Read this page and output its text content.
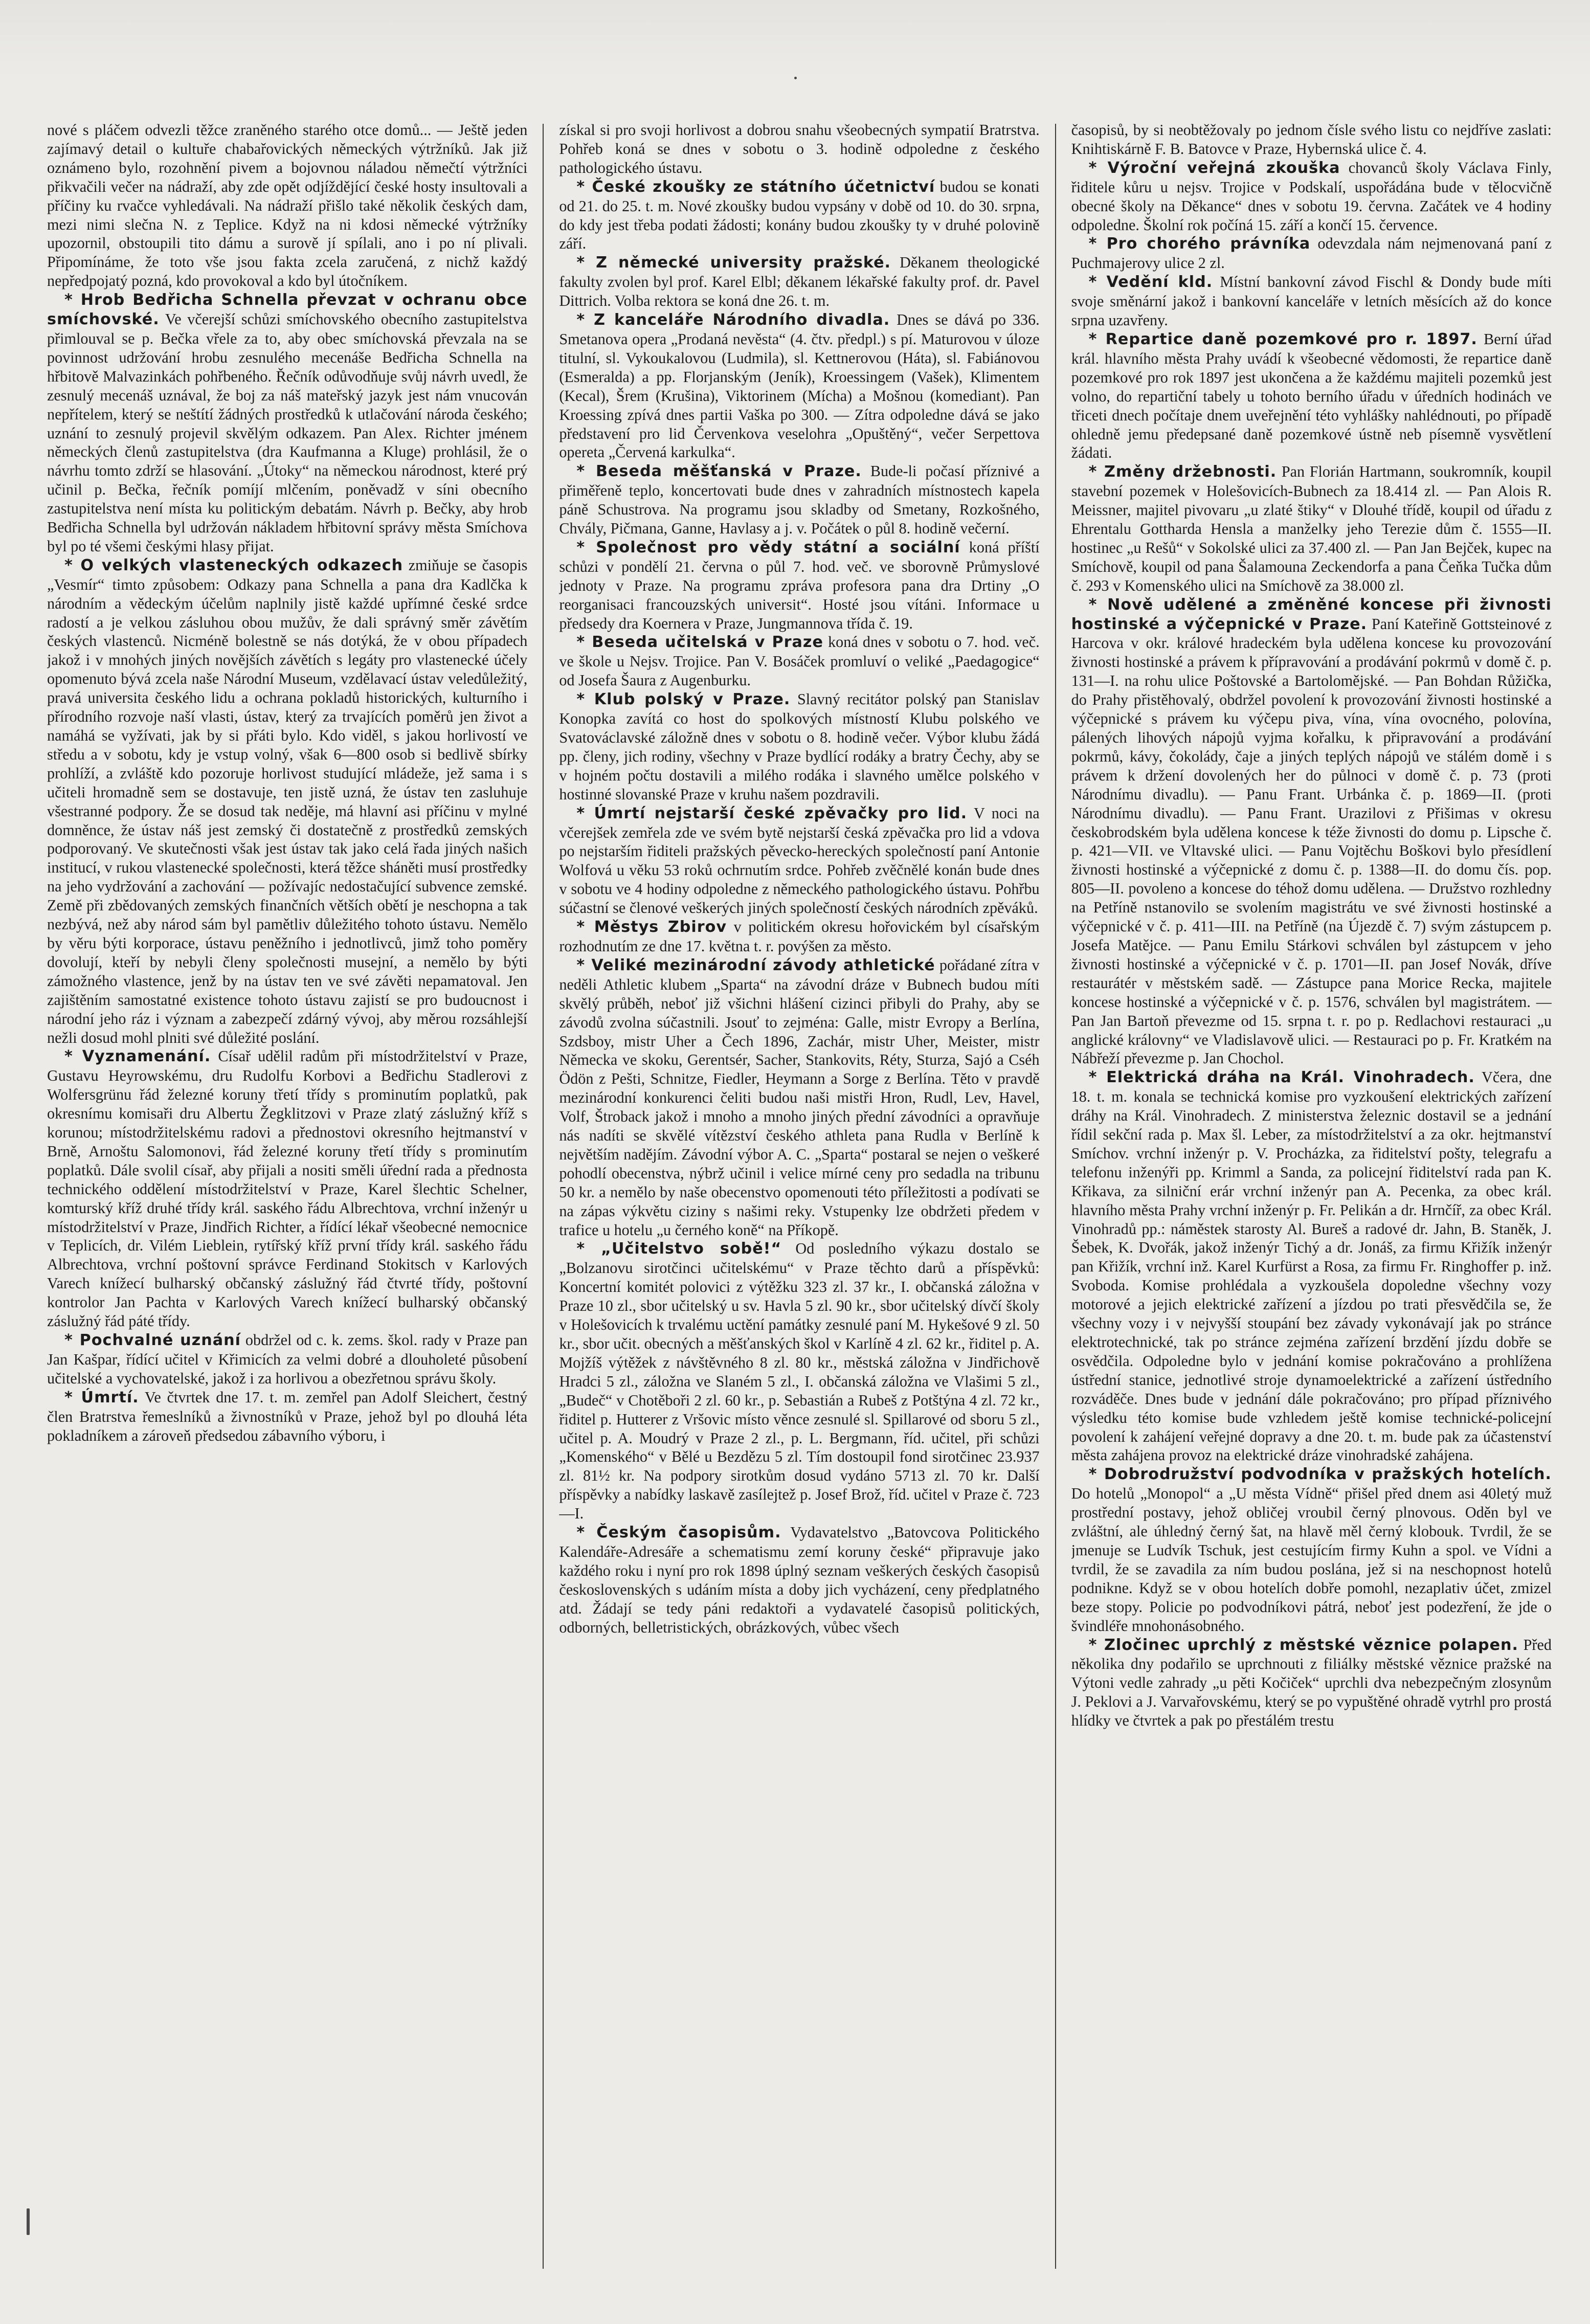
nové s pláčem odvezli těžce zraněného starého otce domů... — Ještě jeden zajímavý detail o kultuře chabařovických německých výtržníků. Jak již oznámeno bylo, rozohnění pivem a bojovnou náladou němečtí výtržníci přikvačili večer na nádraží, aby zde opět odjíždějící české hosty insultovali a příčiny ku rvačce vyhledávali. Na nádraží přišlo také několik českých dam, mezi nimi slečna N. z Teplice. Když na ni kdosi německé výtržníky upozornil, obstoupili tito dámu a surově jí spílali, ano i po ní plivali. Připomínáme, že toto vše jsou fakta zcela zaručená, z nichž každý nepředpojatý pozná, kdo provokoval a kdo byl útočníkem.

* Hrob Bedřicha Schnella převzat v ochranu obce smíchovské. Ve včerejší schůzi smíchovského obecního zastupitelstva přimlouval se p. Bečka vřele za to, aby obec smíchovská převzala na se povinnost udržování hrobu zesnulého mecenáše Bedřicha Schnella na hřbitově Malvazinkách pohřbeného. Řečník odůvodňuje svůj návrh uvedl, že zesnulý mecenáš uznával, že boj za náš mateřský jazyk jest nám vnucován nepřítelem, který se neštítí žádných prostředků k utlačování národa českého; uznání to zesnulý projevil skvělým odkazem. Pan Alex. Richter jménem německých členů zastupitelstva (dra Kaufmanna a Kluge) prohlásil, že o návrhu tomto zdrží se hlasování. „Útoky“ na německou národnost, které prý učinil p. Bečka, řečník pomíjí mlčením, poněvadž v síni obecního zastupitelstva není místa ku politickým debatám. Návrh p. Bečky, aby hrob Bedřicha Schnella byl udržován nákladem hřbitovní správy města Smíchova byl po té všemi českými hlasy přijat.

* O velkých vlasteneckých odkazech zmiňuje se časopis „Vesmír“ timto způsobem: Odkazy pana Schnella a pana dra Kadlčka k národním a vědeckým účelům naplnily jistě každé upřímné české srdce radostí a je velkou zásluhou obou mužův, že dali správný směr závětím českých vlastenců. Nicméně bolestně se nás dotýká, že v obou případech jakož i v mnohých jiných novějších závětích s legáty pro vlastenecké účely opomenuto bývá zcela naše Národní Museum, vzdělavací ústav veledůležitý, pravá universita českého lidu a ochrana pokladů historických, kulturního i přírodního rozvoje naší vlasti, ústav, který za trvajících poměrů jen život a namáhá se vyžívati, jak by si přáti bylo. Kdo viděl, s jakou horlivostí ve středu a v sobotu, kdy je vstup volný, však 6—800 osob si bedlivě sbírky prohlíží, a zvláště kdo pozoruje horlivost studující mládeže, jež sama i s učiteli hromadně sem se dostavuje, ten jistě uzná, že ústav ten zasluhuje všestranné podpory. Že se dosud tak neděje, má hlavní asi příčinu v mylné domněnce, že ústav náš jest zemský či dostatečně z prostředků zemských podporovaný. Ve skutečnosti však jest ústav tak jako celá řada jiných našich institucí, v rukou vlastenecké společnosti, která těžce sháněti musí prostředky na jeho vydržování a zachování — požívajíc nedostačující subvence zemské. Země při zbědovaných zemských finančních větších obětí je neschopna a tak nezbývá, než aby národ sám byl pamětliv důležitého tohoto ústavu. Nemělo by věru býti korporace, ústavu peněžního i jednotlivců, jimž toho poměry dovolují, kteří by nebyli členy společnosti musejní, a nemělo by býti zámožného vlastence, jenž by na ústav ten ve své závěti nepamatoval. Jen zajištěním samostatné existence tohoto ústavu zajistí se pro budoucnost i národní jeho ráz i význam a zabezpečí zdárný vývoj, aby měrou rozsáhlejší nežli dosud mohl plniti své důležité poslání.

* Vyznamenání. Císař udělil radům při místodržitelství v Praze, Gustavu Heyrowskému, dru Rudolfu Korbovi a Bedřichu Stadlerovi z Wolfersgrünu řád železné koruny třetí třídy s prominutím poplatků, pak okresnímu komisaři dru Albertu Žegklitzovi v Praze zlatý záslužný kříž s korunou; místodržitelskému radovi a přednostovi okresního hejtmanství v Brně, Arnoštu Salomonovi, řád železné koruny třetí třídy s prominutím poplatků. Dále svolil císař, aby přijali a nositi směli úřední rada a přednosta technického oddělení místodržitelství v Praze, Karel šlechtic Schelner, komturský kříž druhé třídy král. saského řádu Albrechtova, vrchní inženýr u místodržitelství v Praze, Jindřich Richter, a řídící lékař všeobecné nemocnice v Teplicích, dr. Vilém Lieblein, rytířský kříž první třídy král. saského řádu Albrechtova, vrchní poštovní správce Ferdinand Stokitsch v Karlových Varech knížecí bulharský občanský záslužný řád čtvrté třídy, poštovní kontrolor Jan Pachta v Karlových Varech knížecí bulharský občanský záslužný řád páté třídy.

* Pochvalné uznání obdržel od c. k. zems. škol. rady v Praze pan Jan Kašpar, řídící učitel v Křimicích za velmi dobré a dlouholeté působení učitelské a vychovatelské, jakož i za horlivou a obezřetnou správu školy.

* Úmrtí. Ve čtvrtek dne 17. t. m. zemřel pan Adolf Sleichert, čestný člen Bratrstva řemeslníků a živnostníků v Praze, jehož byl po dlouhá léta pokladníkem a zároveň předsedou zábavního výboru, i

získal si pro svoji horlivost a dobrou snahu všeobecných sympatií Bratrstva. Pohřeb koná se dnes v sobotu o 3. hodině odpoledne z českého pathologického ústavu.

* České zkoušky ze státního účetnictví budou se konati od 21. do 25. t. m. Nové zkoušky budou vypsány v době od 10. do 30. srpna, do kdy jest třeba podati žádosti; konány budou zkoušky ty v druhé polovině září.

* Z německé university pražské. Děkanem theologické fakulty zvolen byl prof. Karel Elbl; děkanem lékařské fakulty prof. dr. Pavel Dittrich. Volba rektora se koná dne 26. t. m.

* Z kanceláře Národního divadla. Dnes se dává po 336. Smetanova opera „Prodaná nevěsta“ (4. čtv. předpl.) s pí. Maturovou v úloze titulní, sl. Vykoukalovou (Ludmila), sl. Kettnerovou (Háta), sl. Fabiánovou (Esmeralda) a pp. Florjanským (Jeník), Kroessingem (Vašek), Klimentem (Kecal), Šrem (Krušina), Viktorinem (Mícha) a Mošnou (komediant). Pan Kroessing zpívá dnes partii Vaška po 300. — Zítra odpoledne dává se jako představení pro lid Červenkova veselohra „Opuštěný“, večer Serpettova opereta „Červená karkulka“.

* Beseda měšťanská v Praze. Bude-li počasí příznivé a přiměřeně teplo, koncertovati bude dnes v zahradních místnostech kapela páně Schustrova. Na programu jsou skladby od Smetany, Rozkošného, Chvály, Pičmana, Ganne, Havlasy a j. v. Počátek o půl 8. hodině večerní.

* Společnost pro vědy státní a sociální koná příští schůzi v pondělí 21. června o půl 7. hod. več. ve sborovně Průmyslové jednoty v Praze. Na programu zpráva profesora pana dra Drtiny „O reorganisaci francouzských universit“. Hosté jsou vítáni. Informace u předsedy dra Koernera v Praze, Jungmannova třída č. 19.

* Beseda učitelská v Praze koná dnes v sobotu o 7. hod. več. ve škole u Nejsv. Trojice. Pan V. Bosáček promluví o veliké „Paedagogice“ od Josefa Šaura z Augenburku.

* Klub polský v Praze. Slavný recitátor polský pan Stanislav Konopka zavítá co host do spolkových místností Klubu polského ve Svatováclavské záložně dnes v sobotu o 8. hodině večer. Výbor klubu žádá pp. členy, jich rodiny, všechny v Praze bydlící rodáky a bratry Čechy, aby se v hojném počtu dostavili a milého rodáka i slavného umělce polského v hostinné slovanské Praze v kruhu našem pozdravili.

* Úmrtí nejstarší české zpěvačky pro lid. V noci na včerejšek zemřela zde ve svém bytě nejstarší česká zpěvačka pro lid a vdova po nejstarším řiditeli pražských pěvecko-hereckých společností paní Antonie Wolfová u věku 53 roků ochrnutím srdce. Pohřeb zvěčnělé konán bude dnes v sobotu ve 4 hodiny odpoledne z německého pathologického ústavu. Pohřbu súčastní se členové veškerých jiných společností českých národních zpěváků.

* Městys Zbirov v politickém okresu hořovickém byl císařským rozhodnutím ze dne 17. května t. r. povýšen za město.

* Veliké mezinárodní závody athletické pořádané zítra v neděli Athletic klubem „Sparta“ na závodní dráze v Bubnech budou míti skvělý průběh, neboť již všichni hlášení cizinci přibyli do Prahy, aby se závodů zvolna súčastnili. Jsouť to zejména: Galle, mistr Evropy a Berlína, Szdsboy, mistr Uher a Čech 1896, Zachár, mistr Uher, Meister, mistr Německa ve skoku, Gerentsér, Sacher, Stankovits, Réty, Sturza, Sajó a Cséh Ödön z Pešti, Schnitze, Fiedler, Heymann a Sorge z Berlína. Těto v pravdě mezinárodní konkurenci čeliti budou naši mistři Hron, Rudl, Lev, Havel, Volf, Štroback jakož i mnoho a mnoho jiných přední závodníci a opravňuje nás nadíti se skvělé vítězství českého athleta pana Rudla v Berlíně k největším nadějím. Závodní výbor A. C. „Sparta“ postaral se nejen o veškeré pohodlí obecenstva, nýbrž učinil i velice mírné ceny pro sedadla na tribunu 50 kr. a nemělo by naše obecenstvo opomenouti této příležitosti a podívati se na zápas výkvětu ciziny s našimi reky. Vstupenky lze obdržeti předem v trafice u hotelu „u černého koně“ na Příkopě.

* „Učitelstvo sobě!“ Od posledního výkazu dostalo se „Bolzanovu sirotčinci učitelskému“ v Praze těchto darů a příspěvků: Koncertní komitét polovici z výtěžku 323 zl. 37 kr., I. občanská záložna v Praze 10 zl., sbor učitelský u sv. Havla 5 zl. 90 kr., sbor učitelský dívčí školy v Holešovicích k trvalému uctění památky zesnulé paní M. Hykešové 9 zl. 50 kr., sbor učit. obecných a měšťanských škol v Karlíně 4 zl. 62 kr., řiditel p. A. Mojžíš výtěžek z návštěvného 8 zl. 80 kr., městská záložna v Jindřichově Hradci 5 zl., záložna ve Slaném 5 zl., I. občanská záložna ve Vlašimi 5 zl., „Budeč“ v Chotěboři 2 zl. 60 kr., p. Sebastián a Rubeš z Potštýna 4 zl. 72 kr., řiditel p. Hutterer z Vršovic místo věnce zesnulé sl. Spillarové od sboru 5 zl., učitel p. A. Moudrý v Praze 2 zl., p. L. Bergmann, říd. učitel, při schůzi „Komenského“ v Bělé u Bezdězu 5 zl. Tím dostoupil fond sirotčinec 23.937 zl. 81½ kr. Na podpory sirotkům dosud vydáno 5713 zl. 70 kr. Další příspěvky a nabídky laskavě zasílejtež p. Josef Brož, říd. učitel v Praze č. 723—I.

* Českým časopisům. Vydavatelstvo „Batovcova Politického Kalendáře-Adresáře a schematismu zemí koruny české“ připravuje jako každého roku i nyní pro rok 1898 úplný seznam veškerých českých časopisů československých s udáním místa a doby jich vycházení, ceny předplatného atd. Žádají se tedy páni redaktoři a vydavatelé časopisů politických, odborných, belletristických, obrázkových, vůbec všech

časopisů, by si neobtěžovaly po jednom čísle svého listu co nejdříve zaslati: Knihtiskárně F. B. Batovce v Praze, Hybernská ulice č. 4.

* Výroční veřejná zkouška chovanců školy Václava Finly, řiditele kůru u nejsv. Trojice v Podskalí, uspořádána bude v tělocvičně obecné školy na Děkance“ dnes v sobotu 19. června. Začátek ve 4 hodiny odpoledne. Školní rok počíná 15. září a končí 15. července.

* Pro chorého právníka odevzdala nám nejmenovaná paní z Puchmajerovy ulice 2 zl.

* Vedění kld. Místní bankovní závod Fischl & Dondy bude míti svoje směnární jakož i bankovní kanceláře v letních měsících až do konce srpna uzavřeny.

* Repartice daně pozemkové pro r. 1897. Berní úřad král. hlavního města Prahy uvádí k všeobecné vědomosti, že repartice daně pozemkové pro rok 1897 jest ukončena a že každému majiteli pozemků jest volno, do repartiční tabely u tohoto berního úřadu v úředních hodinách ve třiceti dnech počítaje dnem uveřejnění této vyhlášky nahlédnouti, po případě ohledně jemu předepsané daně pozemkové ústně neb písemně vysvětlení žádati.

* Změny držebnosti. Pan Florián Hartmann, soukromník, koupil stavební pozemek v Holešovicích-Bubnech za 18.414 zl. — Pan Alois R. Meissner, majitel pivovaru „u zlaté štiky“ v Dlouhé třídě, koupil od úřadu z Ehrentalu Gottharda Hensla a manželky jeho Terezie dům č. 1555—II. hostinec „u Rešů“ v Sokolské ulici za 37.400 zl. — Pan Jan Bejček, kupec na Smíchově, koupil od pana Šalamouna Zeckendorfa a pana Čeňka Tučka dům č. 293 v Komenského ulici na Smíchově za 38.000 zl.

* Nově udělené a změněné koncese při živnosti hostinské a výčepnické v Praze. Paní Kateřině Gottsteinové z Harcova v okr. králové hradeckém byla udělena koncese ku provozování živnosti hostinské a právem k přípravování a prodávání pokrmů v domě č. p. 131—I. na rohu ulice Poštovské a Bartolomějské. — Pan Bohdan Růžička, do Prahy přistěhovalý, obdržel povolení k provozování živnosti hostinské a výčepnické s právem ku výčepu piva, vína, vína ovocného, polovína, pálených lihových nápojů vyjma kořalku, k připravování a prodávání pokrmů, kávy, čokolády, čaje a jiných teplých nápojů ve stálém domě i s právem k držení dovolených her do půlnoci v domě č. p. 73 (proti Národnímu divadlu). — Panu Frant. Urbánka č. p. 1869—II. (proti Národnímu divadlu). — Panu Frant. Urazilovi z Přišimas v okresu českobrodském byla udělena koncese k téže živnosti do domu p. Lipsche č. p. 421—VII. ve Vltavské ulici. — Panu Vojtěchu Boškovi bylo přesídlení živnosti hostinské a výčepnické z domu č. p. 1388—II. do domu čís. pop. 805—II. povoleno a koncese do téhož domu udělena. — Družstvo rozhledny na Petříně nstanovilo se svolením magistrátu ve své živnosti hostinské a výčepnické v č. p. 411—III. na Petříně (na Újezdě č. 7) svým zástupcem p. Josefa Matějce. — Panu Emilu Stárkovi schválen byl zástupcem v jeho živnosti hostinské a výčepnické v č. p. 1701—II. pan Josef Novák, dříve restaurátér v městském sadě. — Zástupce pana Morice Recka, majitele koncese hostinské a výčepnické v č. p. 1576, schválen byl magistrátem. — Pan Jan Bartoň převezme od 15. srpna t. r. po p. Redlachovi restauraci „u anglické královny“ ve Vladislavově ulici. — Restauraci po p. Fr. Kratkém na Nábřeží převezme p. Jan Chochol.

* Elektrická dráha na Král. Vinohradech. Včera, dne 18. t. m. konala se technická komise pro vyzkoušení elektrických zařízení dráhy na Král. Vinohradech. Z ministerstva železnic dostavil se a jednání řídil sekční rada p. Max šl. Leber, za místodržitelství a za okr. hejtmanství Smíchov. vrchní inženýr p. V. Procházka, za řiditelství pošty, telegrafu a telefonu inženýři pp. Krimml a Sanda, za policejní řiditelství rada pan K. Křikava, za silniční erár vrchní inženýr pan A. Pecenka, za obec král. hlavního města Prahy vrchní inženýr p. Fr. Pelikán a dr. Hrnčíř, za obec Král. Vinohradů pp.: náměstek starosty Al. Bureš a radové dr. Jahn, B. Staněk, J. Šebek, K. Dvořák, jakož inženýr Tichý a dr. Jonáš, za firmu Křižík inženýr pan Křižík, vrchní inž. Karel Kurfürst a Rosa, za firmu Fr. Ringhoffer p. inž. Svoboda. Komise prohlédala a vyzkoušela dopoledne všechny vozy motorové a jejich elektrické zařízení a jízdou po trati přesvědčila se, že všechny vozy i v nejvyšší stoupání bez závady vykonávají jak po stránce elektrotechnické, tak po stránce zejména zařízení brzdění jízdu dobře se osvědčila. Odpoledne bylo v jednání komise pokračováno a prohlížena ústřední stanice, jednotlivé stroje dynamoelektrické a zařízení ústředního rozváděče. Dnes bude v jednání dále pokračováno; pro případ příznivého výsledku této komise bude vzhledem ještě komise technické-policejní povolení k zahájení veřejné dopravy a dne 20. t. m. bude pak za účastenství města zahájena provoz na elektrické dráze vinohradské zahájena.

* Dobrodružství podvodníka v pražských hotelích. Do hotelů „Monopol“ a „U města Vídně“ přišel před dnem asi 40letý muž prostřední postavy, jehož obličej vroubil černý plnovous. Oděn byl ve zvláštní, ale úhledný černý šat, na hlavě měl černý klobouk. Tvrdil, že se jmenuje se Ludvík Tschuk, jest cestujícím firmy Kuhn a spol. ve Vídni a tvrdil, že se zavadila za ním budou poslána, jež si na neschopnost hotelů podnikne. Když se v obou hotelích dobře pomohl, nezaplativ účet, zmizel beze stopy. Policie po podvodníkovi pátrá, neboť jest podezření, že jde o švindléře mnohonásobného.

* Zločinec uprchlý z městské věznice polapen. Před několika dny podařilo se uprchnouti z filiálky městské věznice pražské na Výtoni vedle zahrady „u pěti Kočiček“ uprchli dva nebezpečným zlosynům J. Peklovi a J. Varvařovskému, který se po vypuštěné ohradě vytrhl pro prostá hlídky ve čtvrtek a pak po přestálém trestu
